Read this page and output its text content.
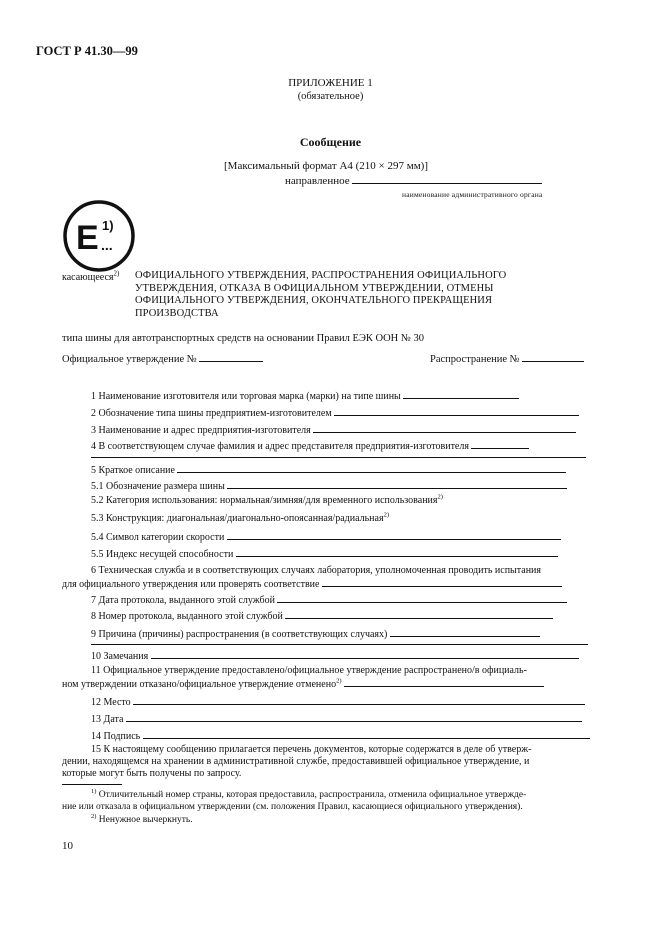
ГОСТ Р 41.30—99
ПРИЛОЖЕНИЕ 1
(обязательное)
Сообщение
[Максимальный формат А4 (210 × 297 мм)]
направленное
наименование административного органа
E 1)
...
касающееся$^{2)}$ ОФИЦИАЛЬНОГО УТВЕРЖДЕНИЯ, РАСПРОСТРАНЕНИЯ ОФИЦИАЛЬНОГО
УТВЕРЖДЕНИЯ, ОТКАЗА В ОФИЦИАЛЬНОМ УТВЕРЖДЕНИИ, ОТМЕНЫ
ОФИЦИАЛЬНОГО УТВЕРЖДЕНИЯ, ОКОНЧАТЕЛЬНОГО ПРЕКРАЩЕНИЯ
ПРОИЗВОДСТВА
типа шины для автотранспортных средств на основании Правил ЕЭК ООН № 30
Официальное утверждение №	Распространение №
1 Наименование изготовителя или торговая марка (марки) на типе шины
2 Обозначение типа шины предприятием-изготовителем
3 Наименование и адрес предприятия-изготовителя
4 В соответствующем случае фамилия и адрес представителя предприятия-изготовителя
5 Краткое описание
5.1 Обозначение размера шины
5.2 Категория использования: нормальная/зимняя/для временного использования$^{2)}$
5.3 Конструкция: диагональная/диагонально-опоясанная/радиальная$^{2)}$
5.4 Символ категории скорости
5.5 Индекс несущей способности
6 Техническая служба и в соответствующих случаях лаборатория, уполномоченная проводить испытания
для официального утверждения или проверять соответствие
7 Дата протокола, выданного этой службой
8 Номер протокола, выданного этой службой
9 Причина (причины) распространения (в соответствующих случаях)
10 Замечания
11 Официальное утверждение предоставлено/официальное утверждение распространено/в официаль-
ном утверждении отказано/официальное утверждение отменено$^{2)}$
12 Место
13 Дата
14 Подпись
15 К настоящему сообщению прилагается перечень документов, которые содержатся в деле об утверж-
дении, находящемся на хранении в административной службе, предоставившей официальное утверждение, и
которые могут быть получены по запросу.
$^{1)}$ Отличительный номер страны, которая предоставила, распространила, отменила официальное утвержде-
ние или отказала в официальном утверждении (см. положения Правил, касающиеся официального утверждения).
$^{2)}$ Ненужное вычеркнуть.
10
